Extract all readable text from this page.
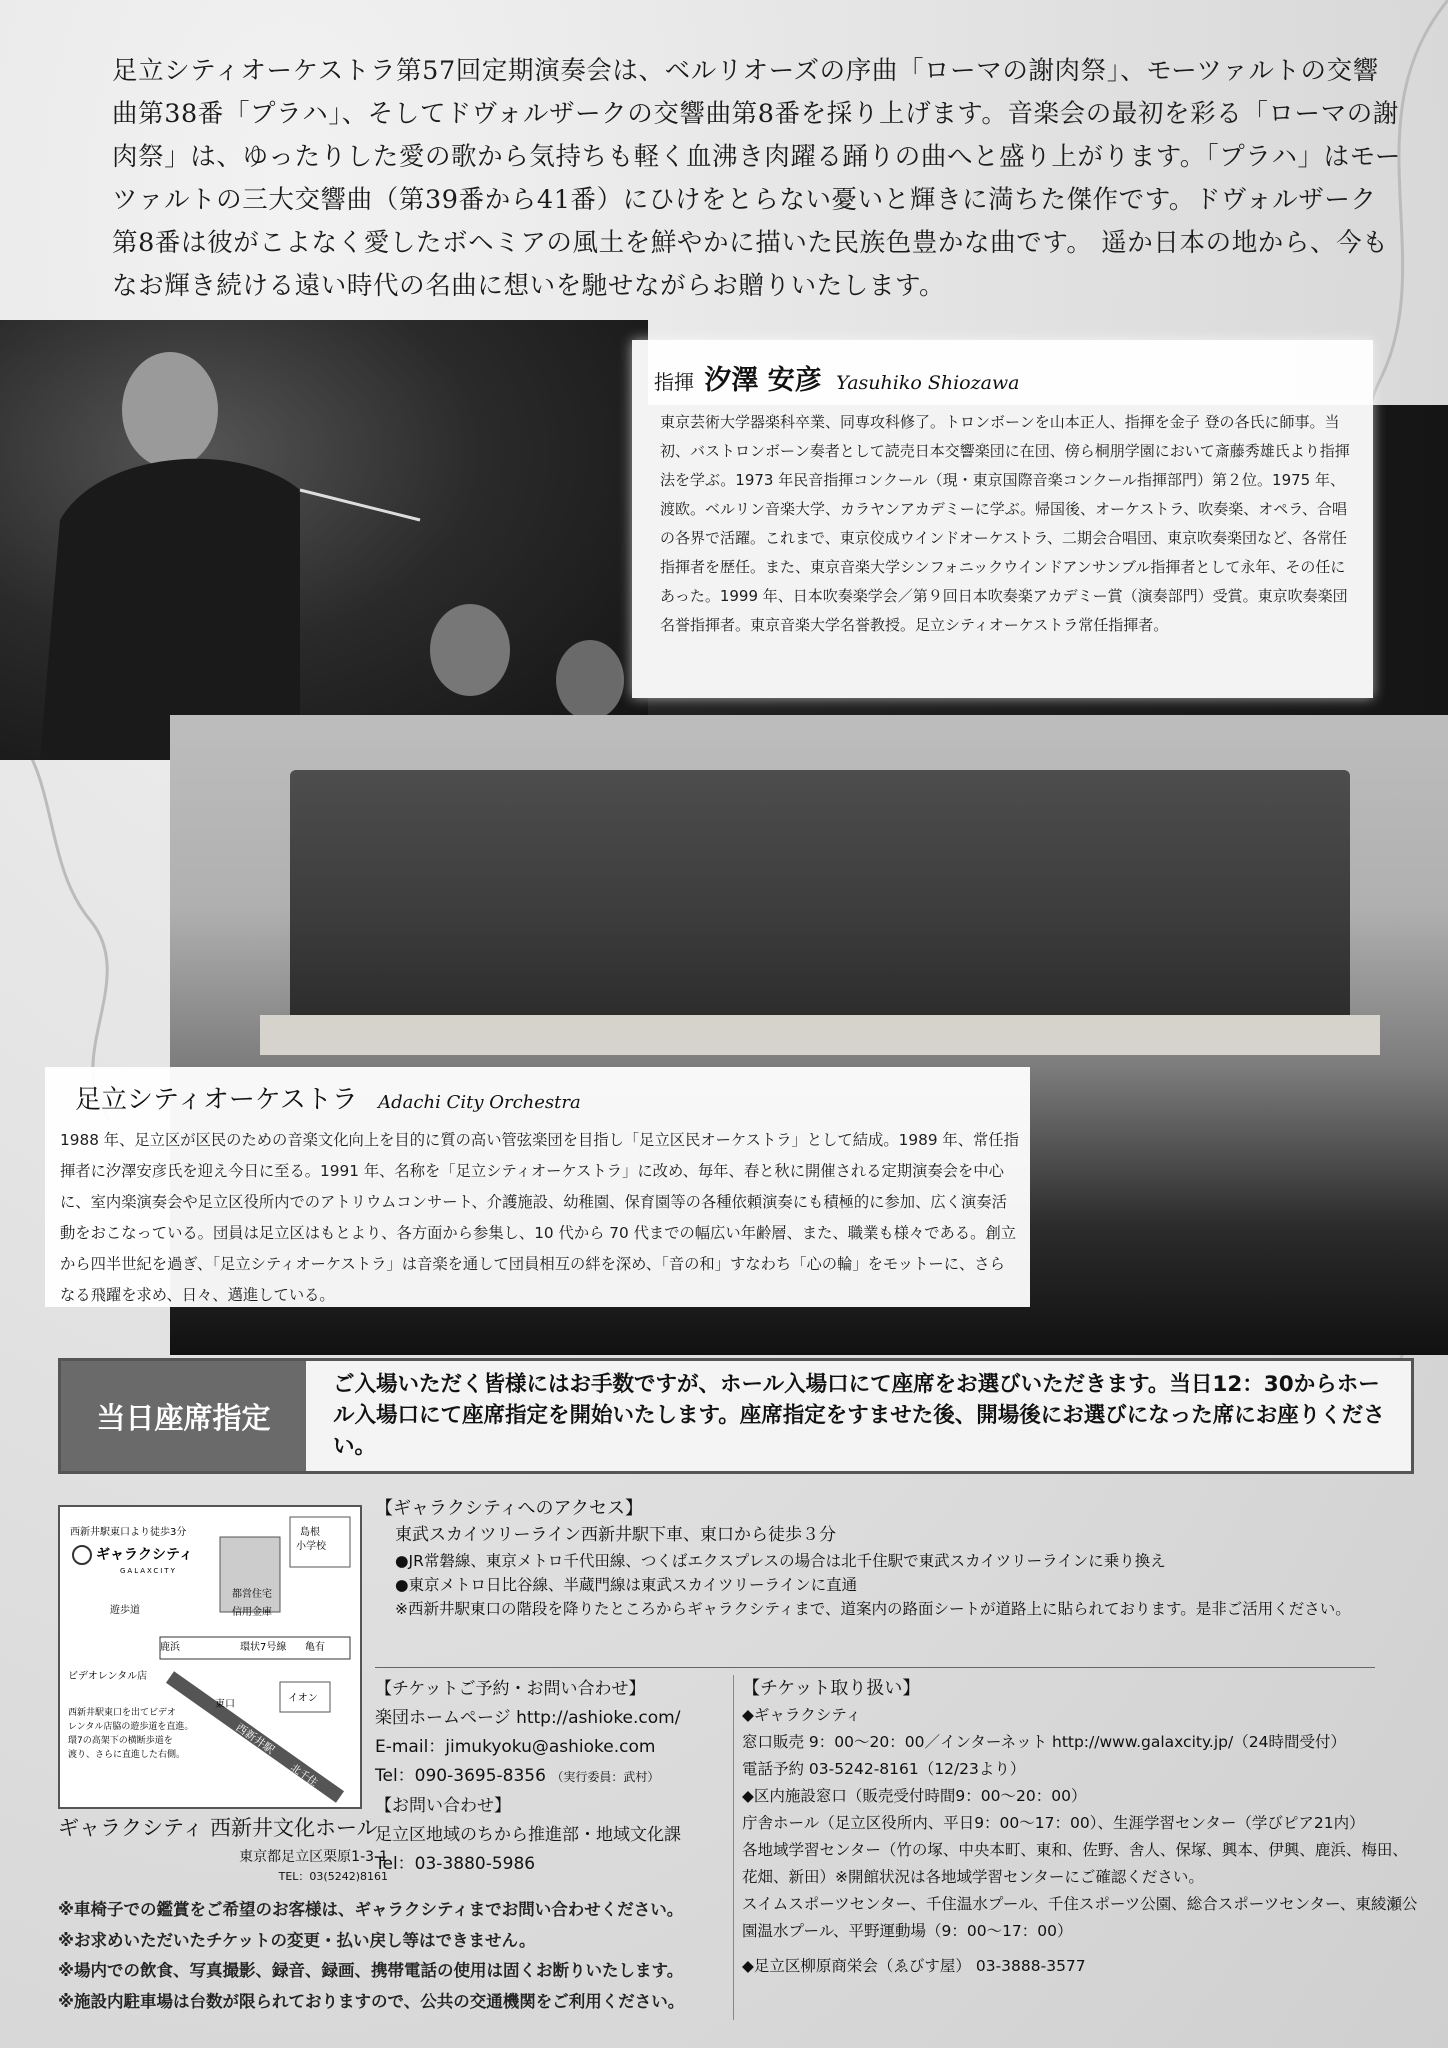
足立シティオーケストラ第57回定期演奏会は、ベルリオーズの序曲「ローマの謝肉祭」、モーツァルトの交響曲第38番「プラハ」、そしてドヴォルザークの交響曲第8番を採り上げます。音楽会の最初を彩る「ローマの謝肉祭」は、ゆったりした愛の歌から気持ちも軽く血沸き肉躍る踊りの曲へと盛り上がります。「プラハ」はモーツァルトの三大交響曲（第39番から41番）にひけをとらない憂いと輝きに満ちた傑作です。ドヴォルザーク第8番は彼がこよなく愛したボヘミアの風土を鮮やかに描いた民族色豊かな曲です。 遥か日本の地から、今もなお輝き続ける遠い時代の名曲に想いを馳せながらお贈りいたします。
指揮 汐澤 安彦 Yasuhiko Shiozawa
東京芸術大学器楽科卒業、同専攻科修了。トロンボーンを山本正人、指揮を金子 登の各氏に師事。当初、バストロンボーン奏者として読売日本交響楽団に在団、傍ら桐朋学園において斎藤秀雄氏より指揮法を学ぶ。1973 年民音指揮コンクール（現・東京国際音楽コンクール指揮部門）第２位。1975 年、渡欧。ベルリン音楽大学、カラヤンアカデミーに学ぶ。帰国後、オーケストラ、吹奏楽、オペラ、合唱の各界で活躍。これまで、東京佼成ウインドオーケストラ、二期会合唱団、東京吹奏楽団など、各常任指揮者を歴任。また、東京音楽大学シンフォニックウインドアンサンブル指揮者として永年、その任にあった。1999 年、日本吹奏楽学会／第９回日本吹奏楽アカデミー賞（演奏部門）受賞。東京吹奏楽団名誉指揮者。東京音楽大学名誉教授。足立シティオーケストラ常任指揮者。
足立シティオーケストラ Adachi City Orchestra
1988 年、足立区が区民のための音楽文化向上を目的に質の高い管弦楽団を目指し「足立区民オーケストラ」として結成。1989 年、常任指揮者に汐澤安彦氏を迎え今日に至る。1991 年、名称を「足立シティオーケストラ」に改め、毎年、春と秋に開催される定期演奏会を中心に、室内楽演奏会や足立区役所内でのアトリウムコンサート、介護施設、幼稚園、保育園等の各種依頼演奏にも積極的に参加、広く演奏活動をおこなっている。団員は足立区はもとより、各方面から参集し、10 代から 70 代までの幅広い年齢層、また、職業も様々である。創立から四半世紀を過ぎ、「足立シティオーケストラ」は音楽を通して団員相互の絆を深め、「音の和」すなわち「心の輪」をモットーに、さらなる飛躍を求め、日々、邁進している。
当日座席指定
ご入場いただく皆様にはお手数ですが、ホール入場口にて座席をお選びいただきます。当日12：30からホール入場口にて座席指定を開始いたします。座席指定をすませた後、開場後にお選びになった席にお座りください。
西新井駅東口より徒歩3分
ギャラクシティ
GALAXCITY
島根
小学校
都営住宅
信用金庫
遊歩道
鹿浜	環状7号線 亀有
ビデオレンタル店
東口
西新井駅
北千住
イオン
西新井駅東口を出てビデオ
レンタル店脇の遊歩道を直進。
環7の高架下の横断歩道を
渡り、さらに直進した右側。
ギャラクシティ 西新井文化ホール
東京都足立区栗原1-3-1
TEL：03(5242)8161
【ギャラクシティへのアクセス】
東武スカイツリーライン西新井駅下車、東口から徒歩３分
●JR常磐線、東京メトロ千代田線、つくばエクスプレスの場合は北千住駅で東武スカイツリーラインに乗り換え
●東京メトロ日比谷線、半蔵門線は東武スカイツリーラインに直通
※西新井駅東口の階段を降りたところからギャラクシティまで、道案内の路面シートが道路上に貼られております。是非ご活用ください。
【チケットご予約・お問い合わせ】
楽団ホームページ http://ashioke.com/
E-mail：jimukyoku@ashioke.com
Tel：090-3695-8356 （実行委員：武村）
【お問い合わせ】
足立区地域のちから推進部・地域文化課
Tel：03-3880-5986
【チケット取り扱い】
◆ギャラクシティ
窓口販売 9：00～20：00／インターネット http://www.galaxcity.jp/（24時間受付）
電話予約 03-5242-8161（12/23より）
◆区内施設窓口（販売受付時間9：00～20：00）
庁舎ホール（足立区役所内、平日9：00～17：00）、生涯学習センター（学びピア21内）
各地域学習センター（竹の塚、中央本町、東和、佐野、舎人、保塚、興本、伊興、鹿浜、梅田、花畑、新田）※開館状況は各地域学習センターにご確認ください。
スイムスポーツセンター、千住温水プール、千住スポーツ公園、総合スポーツセンター、東綾瀬公園温水プール、平野運動場（9：00～17：00）
◆足立区柳原商栄会（ゑびす屋） 03-3888-3577
※車椅子での鑑賞をご希望のお客様は、ギャラクシティまでお問い合わせください。
※お求めいただいたチケットの変更・払い戻し等はできません。
※場内での飲食、写真撮影、録音、録画、携帯電話の使用は固くお断りいたします。
※施設内駐車場は台数が限られておりますので、公共の交通機関をご利用ください。
